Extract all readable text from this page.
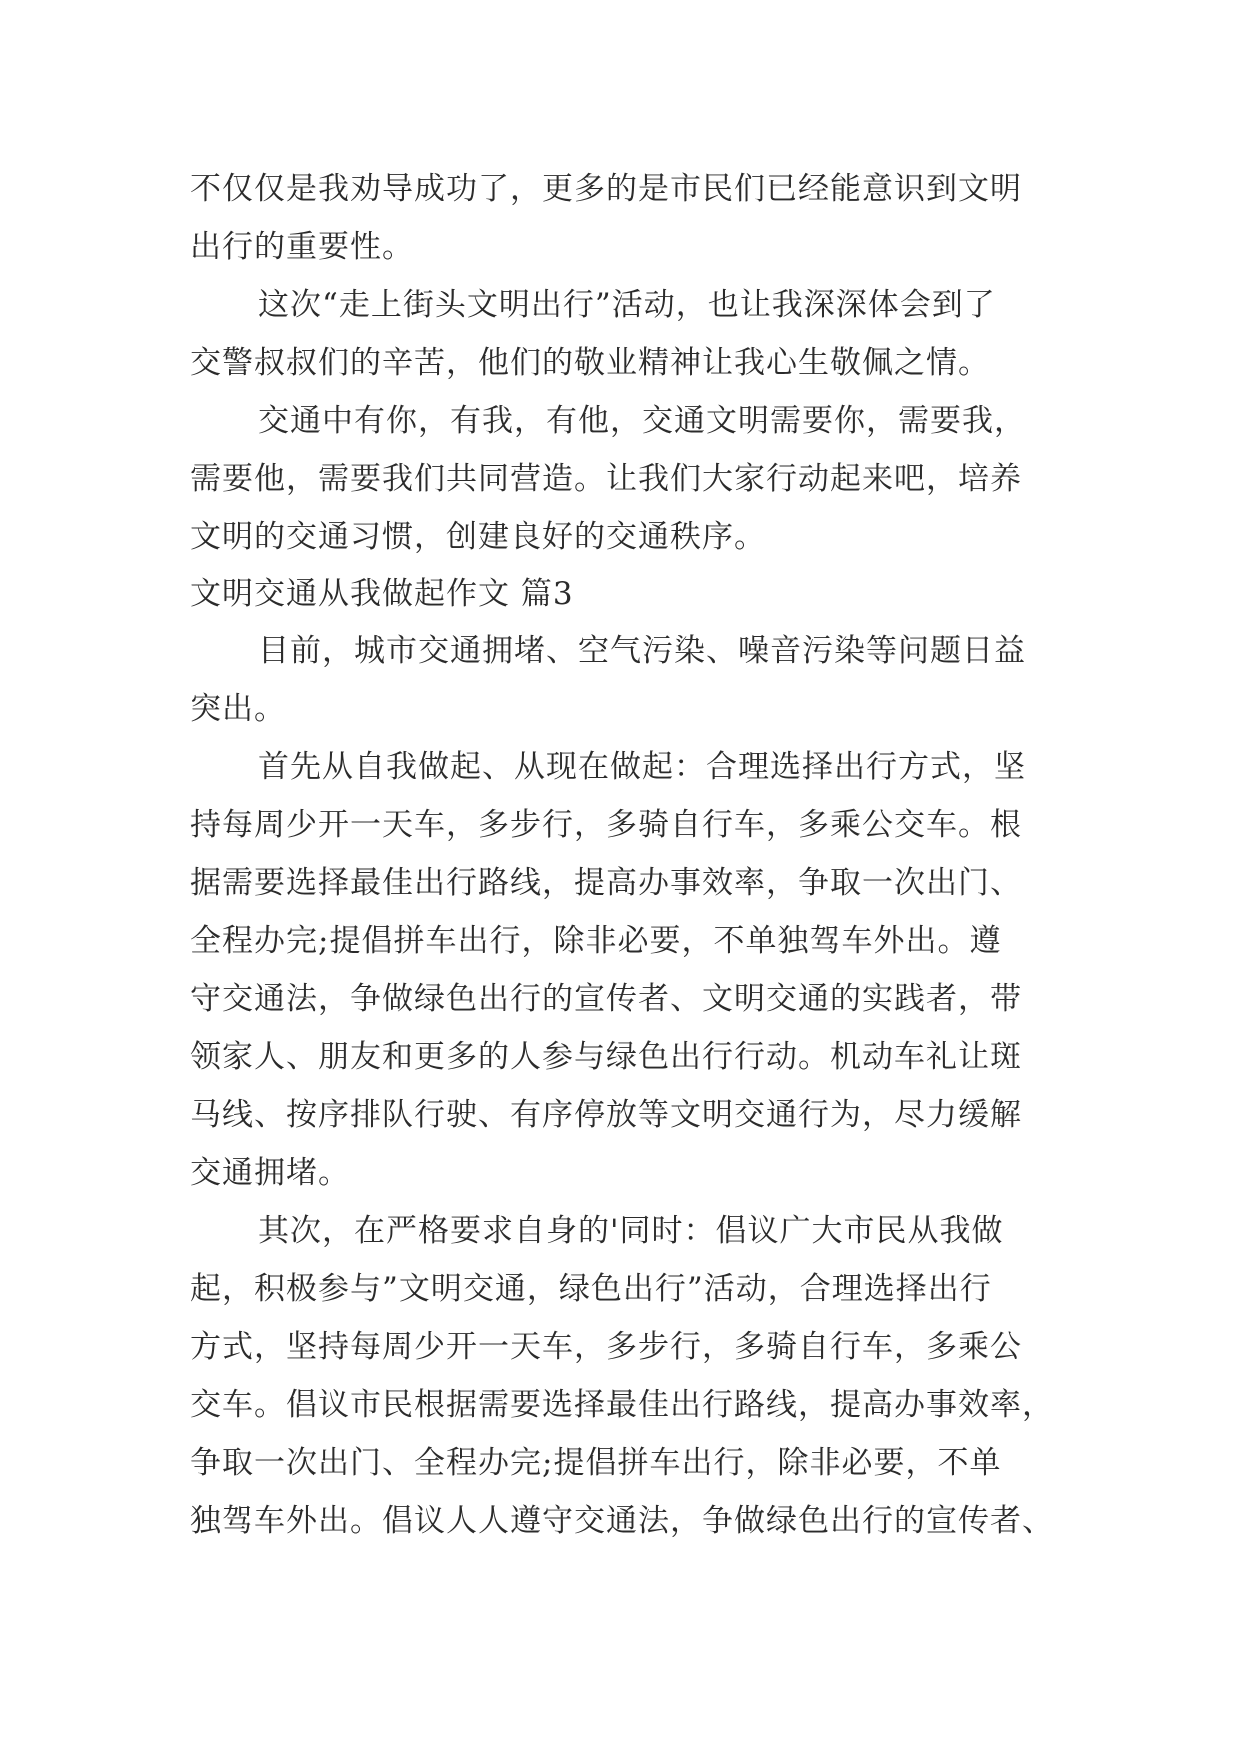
不仅仅是我劝导成功了，更多的是市民们已经能意识到文明
出行的重要性。
这次“走上街头文明出行”活动，也让我深深体会到了
交警叔叔们的辛苦，他们的敬业精神让我心生敬佩之情。
交通中有你，有我，有他，交通文明需要你，需要我，
需要他，需要我们共同营造。让我们大家行动起来吧，培养
文明的交通习惯，创建良好的交通秩序。
文明交通从我做起作文 篇3
目前，城市交通拥堵、空气污染、噪音污染等问题日益
突出。
首先从自我做起、从现在做起：合理选择出行方式，坚
持每周少开一天车，多步行，多骑自行车，多乘公交车。根
据需要选择最佳出行路线，提高办事效率，争取一次出门、
全程办完;提倡拼车出行，除非必要，不单独驾车外出。遵
守交通法，争做绿色出行的宣传者、文明交通的实践者，带
领家人、朋友和更多的人参与绿色出行行动。机动车礼让斑
马线、按序排队行驶、有序停放等文明交通行为，尽力缓解
交通拥堵。
其次，在严格要求自身的'同时：倡议广大市民从我做
起，积极参与”文明交通，绿色出行”活动，合理选择出行
方式，坚持每周少开一天车，多步行，多骑自行车，多乘公
交车。倡议市民根据需要选择最佳出行路线，提高办事效率，
争取一次出门、全程办完;提倡拼车出行，除非必要，不单
独驾车外出。倡议人人遵守交通法，争做绿色出行的宣传者、
